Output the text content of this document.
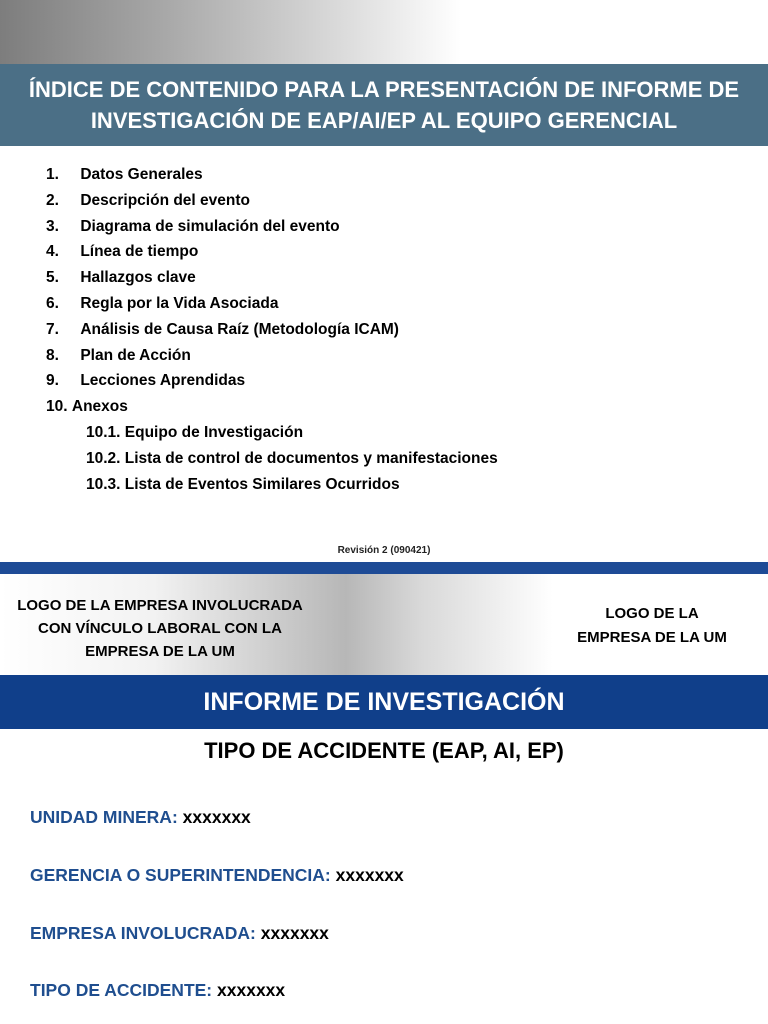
ÍNDICE DE CONTENIDO PARA LA PRESENTACIÓN DE INFORME DE INVESTIGACIÓN DE EAP/AI/EP AL EQUIPO GERENCIAL
1.
	Datos Generales
2.
	Descripción del evento
3.
	Diagrama de simulación del evento
4.
	Línea de tiempo
5.
	Hallazgos clave
6.
	Regla por la Vida Asociada
7.
	Análisis de Causa Raíz (Metodología ICAM)
8.
	Plan de Acción
9.
	Lecciones Aprendidas
10.
Anexos
10.1. Equipo de Investigación
10.2. Lista de control de documentos y manifestaciones
10.3. Lista de Eventos Similares Ocurridos
Revisión 2 (090421)
LOGO DE LA EMPRESA INVOLUCRADA
CON VÍNCULO LABORAL CON LA
EMPRESA DE LA UM
LOGO DE LA
EMPRESA DE LA UM
INFORME DE INVESTIGACIÓN
TIPO DE ACCIDENTE (EAP, AI, EP)
UNIDAD MINERA: xxxxxxx
GERENCIA O SUPERINTENDENCIA: xxxxxxx
EMPRESA INVOLUCRADA: xxxxxxx
TIPO DE ACCIDENTE: xxxxxxx
